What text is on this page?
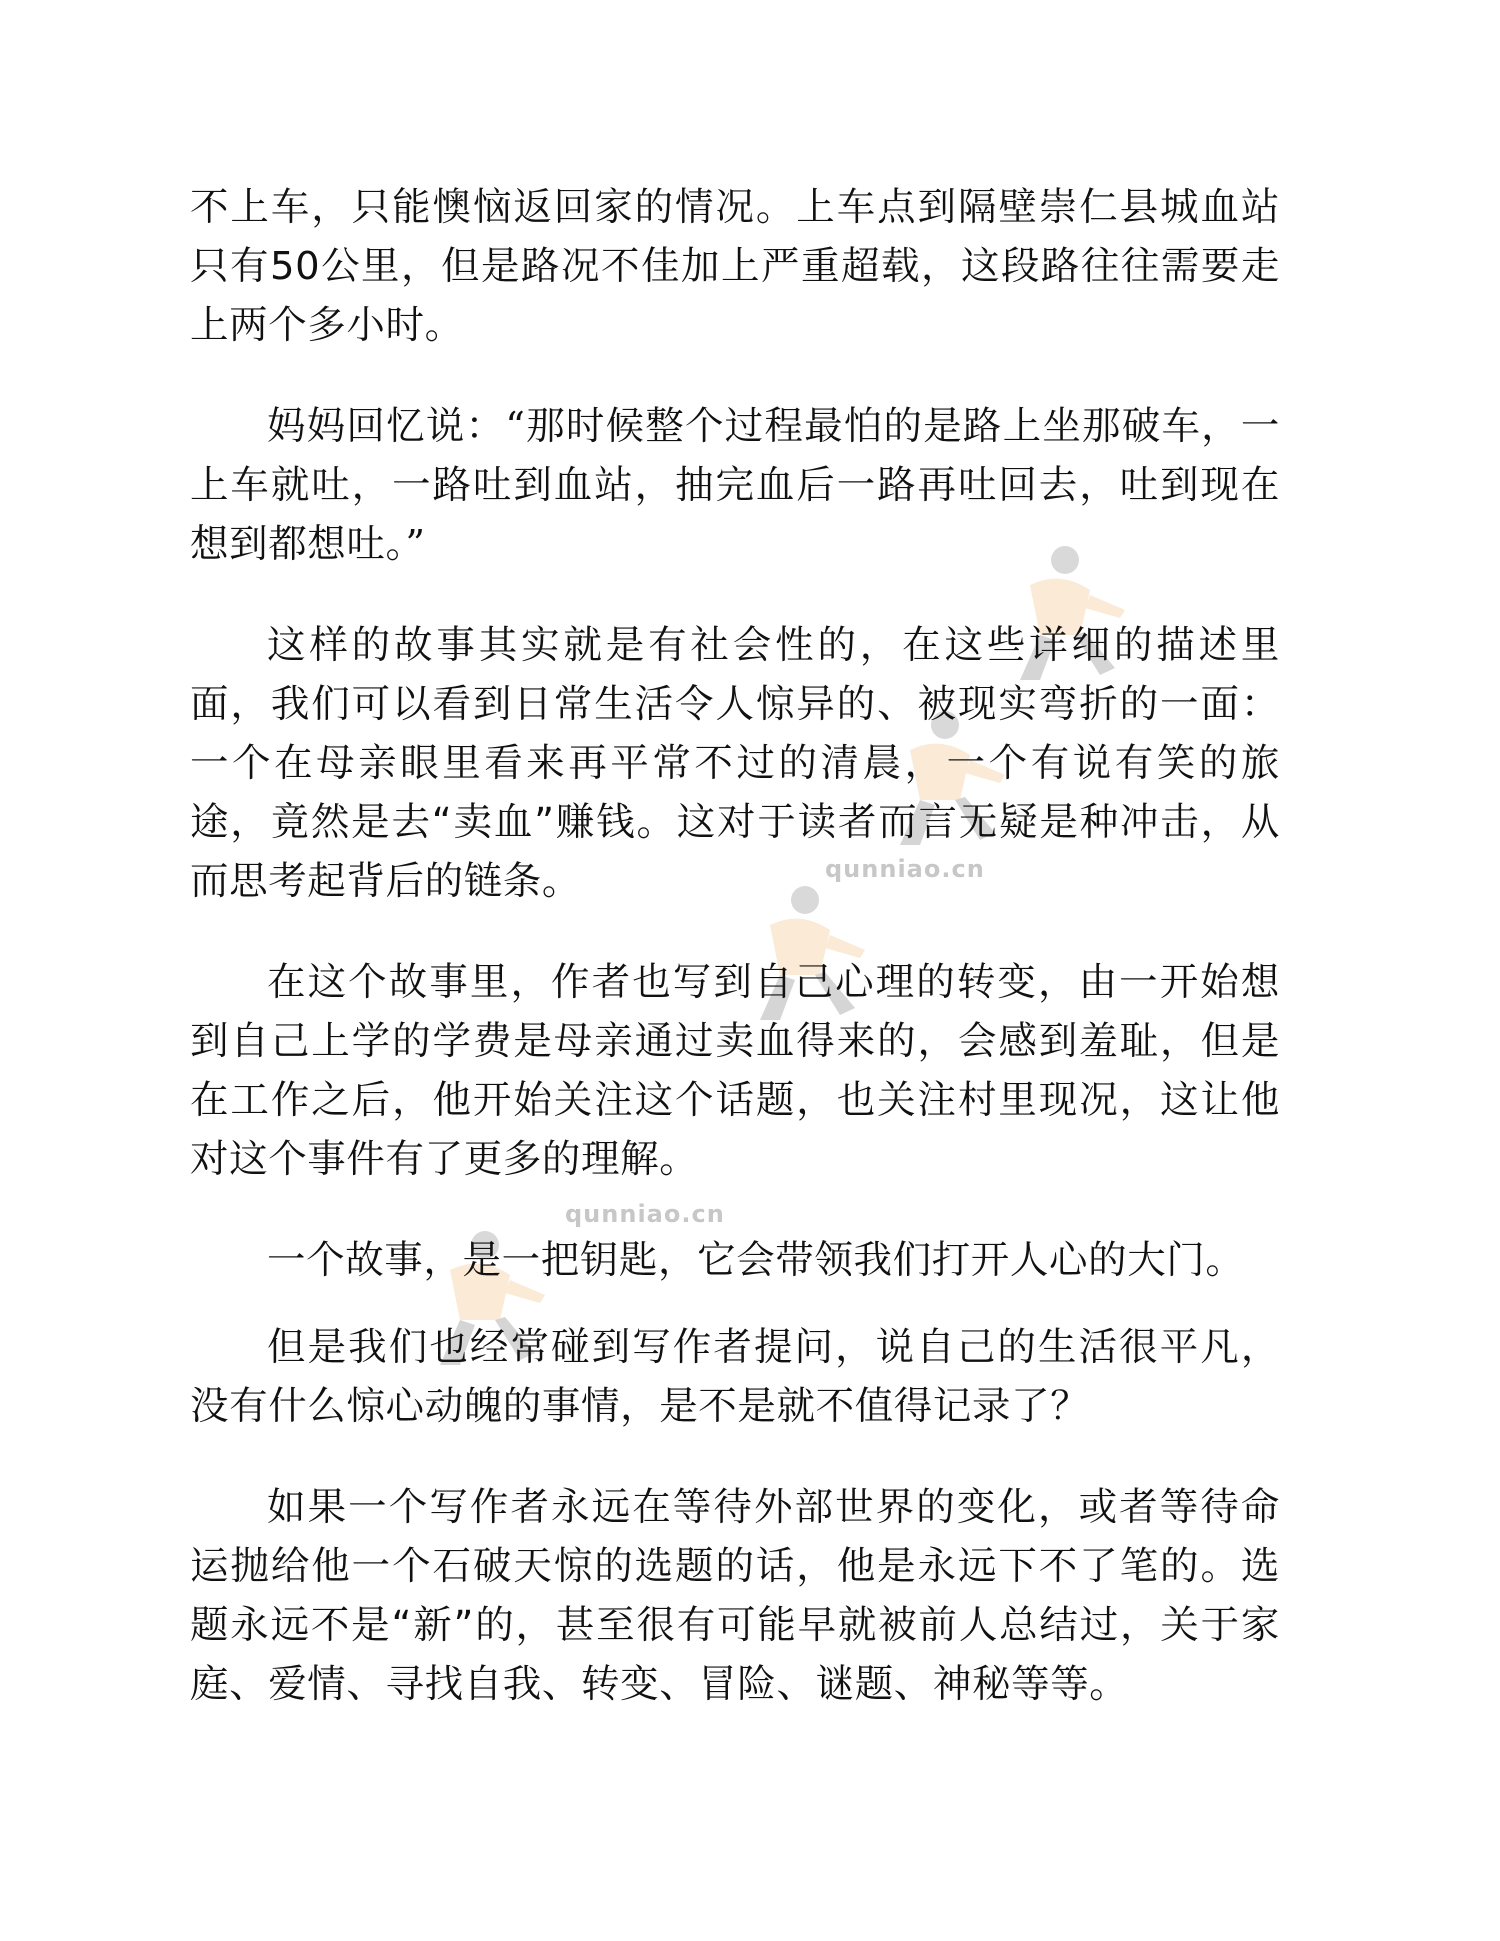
qunniao.cn
qunniao.cn

不上车，只能懊恼返回家的情况。上车点到隔壁崇仁县城血站只有50公里，但是路况不佳加上严重超载，这段路往往需要走上两个多小时。

妈妈回忆说：“那时候整个过程最怕的是路上坐那破车，一上车就吐，一路吐到血站，抽完血后一路再吐回去，吐到现在想到都想吐。”

这样的故事其实就是有社会性的，在这些详细的描述里面，我们可以看到日常生活令人惊异的、被现实弯折的一面：一个在母亲眼里看来再平常不过的清晨，一个有说有笑的旅途，竟然是去“卖血”赚钱。这对于读者而言无疑是种冲击，从而思考起背后的链条。

在这个故事里，作者也写到自己心理的转变，由一开始想到自己上学的学费是母亲通过卖血得来的，会感到羞耻，但是在工作之后，他开始关注这个话题，也关注村里现况，这让他对这个事件有了更多的理解。

一个故事，是一把钥匙，它会带领我们打开人心的大门。

但是我们也经常碰到写作者提问，说自己的生活很平凡，没有什么惊心动魄的事情，是不是就不值得记录了？

如果一个写作者永远在等待外部世界的变化，或者等待命运抛给他一个石破天惊的选题的话，他是永远下不了笔的。选题永远不是“新”的，甚至很有可能早就被前人总结过，关于家庭、爱情、寻找自我、转变、冒险、谜题、神秘等等。
